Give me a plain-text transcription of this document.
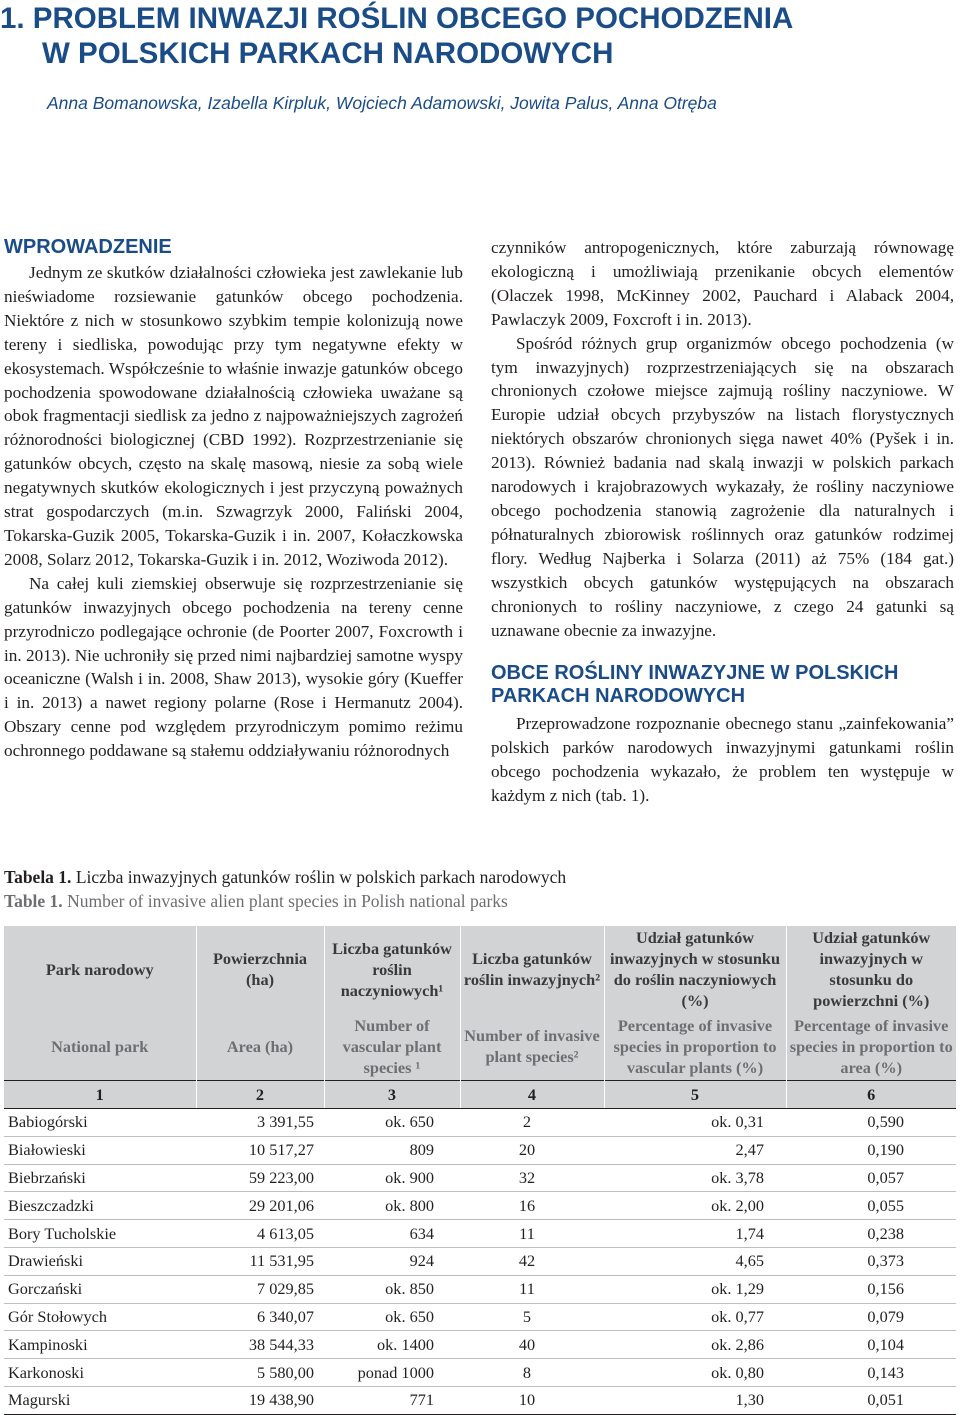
1. PROBLEM INWAZJI ROŚLIN OBCEGO POCHODZENIA
W POLSKICH PARKACH NARODOWYCH
Anna Bomanowska, Izabella Kirpluk, Wojciech Adamowski, Jowita Palus, Anna Otręba
WPROWADZENIE

Jednym ze skutków działalności człowieka jest zawlekanie lub nieświadome rozsiewanie gatunków obcego pochodzenia. Niektóre z nich w stosunkowo szybkim tempie kolonizują nowe tereny i siedliska, powodując przy tym negatywne efekty w ekosystemach. Współcześnie to właśnie inwazje gatunków obcego pochodzenia spowodowane działalnością człowieka uważane są obok fragmentacji siedlisk za jedno z najpoważniejszych zagrożeń różnorodności biologicznej (CBD 1992). Rozprzestrzenianie się gatunków obcych, często na skalę masową, niesie za sobą wiele negatywnych skutków ekologicznych i jest przyczyną poważnych strat gospodarczych (m.in. Szwagrzyk 2000, Faliński 2004, Tokarska-Guzik 2005, Tokarska-Guzik i in. 2007, Kołaczkowska 2008, Solarz 2012, Tokarska-Guzik i in. 2012, Woziwoda 2012).

Na całej kuli ziemskiej obserwuje się rozprzestrzenianie się gatunków inwazyjnych obcego pochodzenia na tereny cenne przyrodniczo podlegające ochronie (de Poorter 2007, Foxcrowth i in. 2013). Nie uchroniły się przed nimi najbardziej samotne wyspy oceaniczne (Walsh i in. 2008, Shaw 2013), wysokie góry (Kueffer i in. 2013) a nawet regiony polarne (Rose i Hermanutz 2004). Obszary cenne pod względem przyrodniczym pomimo reżimu ochronnego poddawane są stałemu oddziaływaniu różnorodnych

czynników antropogenicznych, które zaburzają równowagę ekologiczną i umożliwiają przenikanie obcych elementów (Olaczek 1998, McKinney 2002, Pauchard i Alaback 2004, Pawlaczyk 2009, Foxcroft i in. 2013).

Spośród różnych grup organizmów obcego pochodzenia (w tym inwazyjnych) rozprzestrzeniających się na obszarach chronionych czołowe miejsce zajmują rośliny naczyniowe. W Europie udział obcych przybyszów na listach florystycznych niektórych obszarów chronionych sięga nawet 40% (Pyšek i in. 2013). Również badania nad skalą inwazji w polskich parkach narodowych i krajobrazowych wykazały, że rośliny naczyniowe obcego pochodzenia stanowią zagrożenie dla naturalnych i półnaturalnych zbiorowisk roślinnych oraz gatunków rodzimej flory. Według Najberka i Solarza (2011) aż 75% (184 gat.) wszystkich obcych gatunków występujących na obszarach chronionych to rośliny naczyniowe, z czego 24 gatunki są uznawane obecnie za inwazyjne.

OBCE ROŚLINY INWAZYJNE W POLSKICH PARKACH NARODOWYCH

Przeprowadzone rozpoznanie obecnego stanu „zainfekowania” polskich parków narodowych inwazyjnymi gatunkami roślin obcego pochodzenia wykazało, że problem ten występuje w każdym z nich (tab. 1).

Tabela 1. Liczba inwazyjnych gatunków roślin w polskich parkach narodowych
Table 1. Number of invasive alien plant species in Polish national parks
Park narodowy	Powierzchnia (ha)	Liczba gatunków roślin naczyniowych¹	Liczba gatunków roślin inwazyjnych²	Udział gatunków inwazyjnych w stosunku do roślin naczyniowych (%)	Udział gatunków inwazyjnych w stosunku do powierzchni (%)
National park	Area (ha)	Number of vascular plant species ¹	Number of invasive plant species²	Percentage of invasive species in proportion to vascular plants (%)	Percentage of invasive species in proportion to area (%)
1	2	3	4	5	6
Babiogórski	3 391,55	ok. 650	2	ok. 0,31	0,590
Białowieski	10 517,27	809	20	2,47	0,190
Biebrzański	59 223,00	ok. 900	32	ok. 3,78	0,057
Bieszczadzki	29 201,06	ok. 800	16	ok. 2,00	0,055
Bory Tucholskie	4 613,05	634	11	1,74	0,238
Drawieński	11 531,95	924	42	4,65	0,373
Gorczański	7 029,85	ok. 850	11	ok. 1,29	0,156
Gór Stołowych	6 340,07	ok. 650	5	ok. 0,77	0,079
Kampinoski	38 544,33	ok. 1400	40	ok. 2,86	0,104
Karkonoski	5 580,00	ponad 1000	8	ok. 0,80	0,143
Magurski	19 438,90	771	10	1,30	0,051
